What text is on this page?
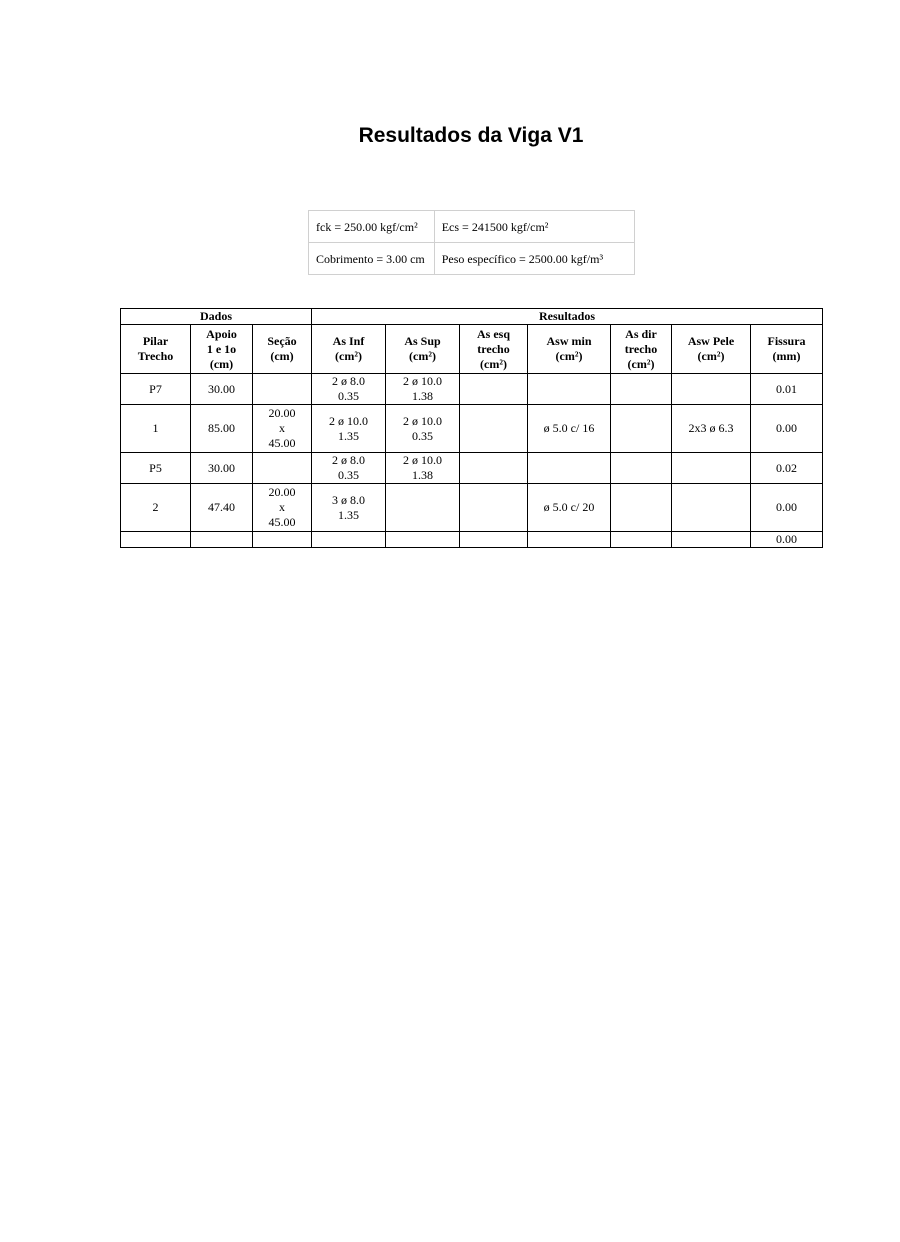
Resultados da Viga V1
fck = 250.00 kgf/cm²	Ecs = 241500 kgf/cm²
Cobrimento = 3.00 cm	Peso específico = 2500.00 kgf/m³
Dados			Resultados						

Pilar
Trecho	Apoio
1 e 1o
(cm)	Seção
(cm)	As Inf
(cm²)	As Sup
(cm²)	As esq
trecho
(cm²)	Asw min
(cm²)	As dir
trecho
(cm²)	Asw Pele
(cm²)	Fissura
(mm)

P7	30.00		2 ø 8.0
0.35	2 ø 10.0
1.38					0.01

1	85.00	20.00
x
45.00	2 ø 10.0
1.35	2 ø 10.0
0.35		ø 5.0 c/ 16		2x3 ø 6.3	0.00

P5	30.00		2 ø 8.0
0.35	2 ø 10.0
1.38					0.02

2	47.40	20.00
x
45.00	3 ø 8.0
1.35			ø 5.0 c/ 20			0.00

									0.00
